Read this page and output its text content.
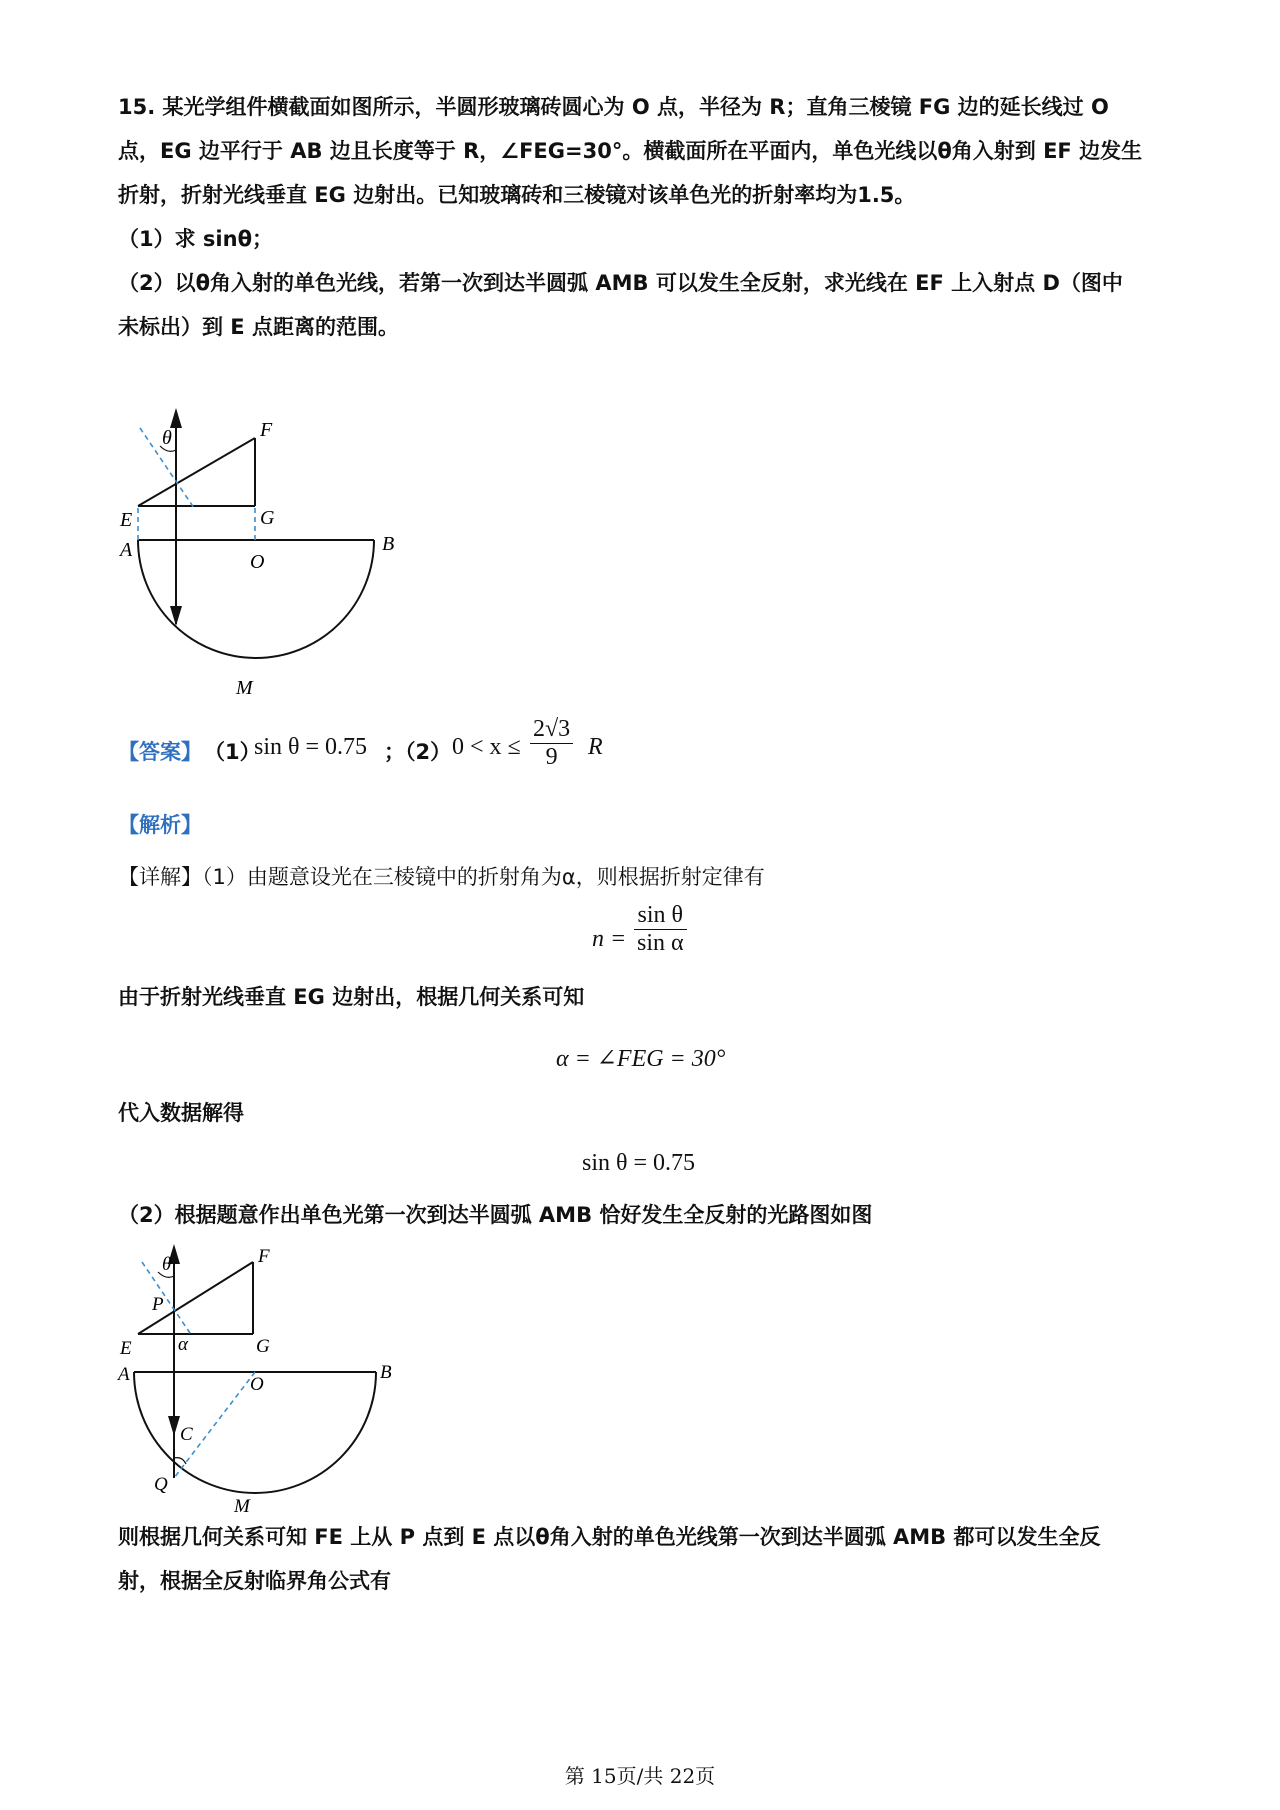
15. 某光学组件横截面如图所示，半圆形玻璃砖圆心为 O 点，半径为 R；直角三棱镜 FG 边的延长线过 O
点，EG 边平行于 AB 边且长度等于 R，∠FEG=30°。横截面所在平面内，单色光线以θ角入射到 EF 边发生
折射，折射光线垂直 EG 边射出。已知玻璃砖和三棱镜对该单色光的折射率均为1.5。
（1）求 sinθ；
（2）以θ角入射的单色光线，若第一次到达半圆弧 AMB 可以发生全反射，求光线在 EF 上入射点 D（图中
未标出）到 E 点距离的范围。
θ	F
E	G
A
O
B
M
【答案】 （1）
sin θ = 0.75 ；（2） $0 < x \le \frac{2√3}{9}$ R
【解析】
【详解】（1）由题意设光在三棱镜中的折射角为α，则根据折射定律有
$n = \frac{\text{sin θ}}{\text{sin α}}$
由于折射光线垂直 EG 边射出，根据几何关系可知
α = ∠FEG = 30°
代入数据解得
sin θ = 0.75
（2）根据题意作出单色光第一次到达半圆弧 AMB 恰好发生全反射的光路图如图
θ	F
P
α
E	G
A	O
B
C
Q
M
则根据几何关系可知 FE 上从 P 点到 E 点以θ角入射的单色光线第一次到达半圆弧 AMB 都可以发生全反
射，根据全反射临界角公式有
第 15页/共 22页
